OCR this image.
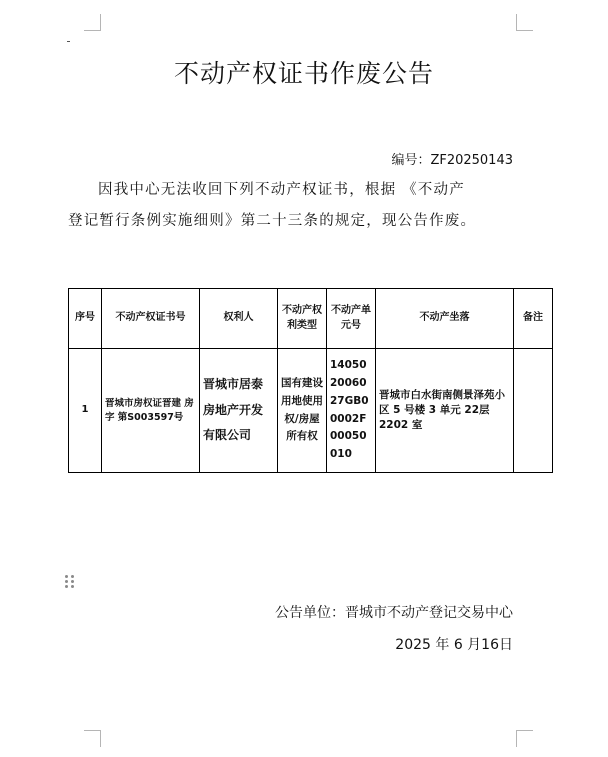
不动产权证书作废公告
编号：ZF20250143
因我中心无法收回下列不动产权证书，根据 《不动产
登记暂行条例实施细则》第二十三条的规定，现公告作废。
序号	不动产权证书号	权利人	不动产权利类型	不动产单元号	不动产坐落	备注
1	晋城市房权证晋建 房 字 第S003597号	晋城市居泰房地产开发有限公司	国有建设用地使用权/房屋所有权	140502006027GB00002F00050010	晋城市白水街南侧景泽苑小区 5 号楼 3 单元 22层 2202 室	
公告单位：晋城市不动产登记交易中心
2025 年 6 月16日
